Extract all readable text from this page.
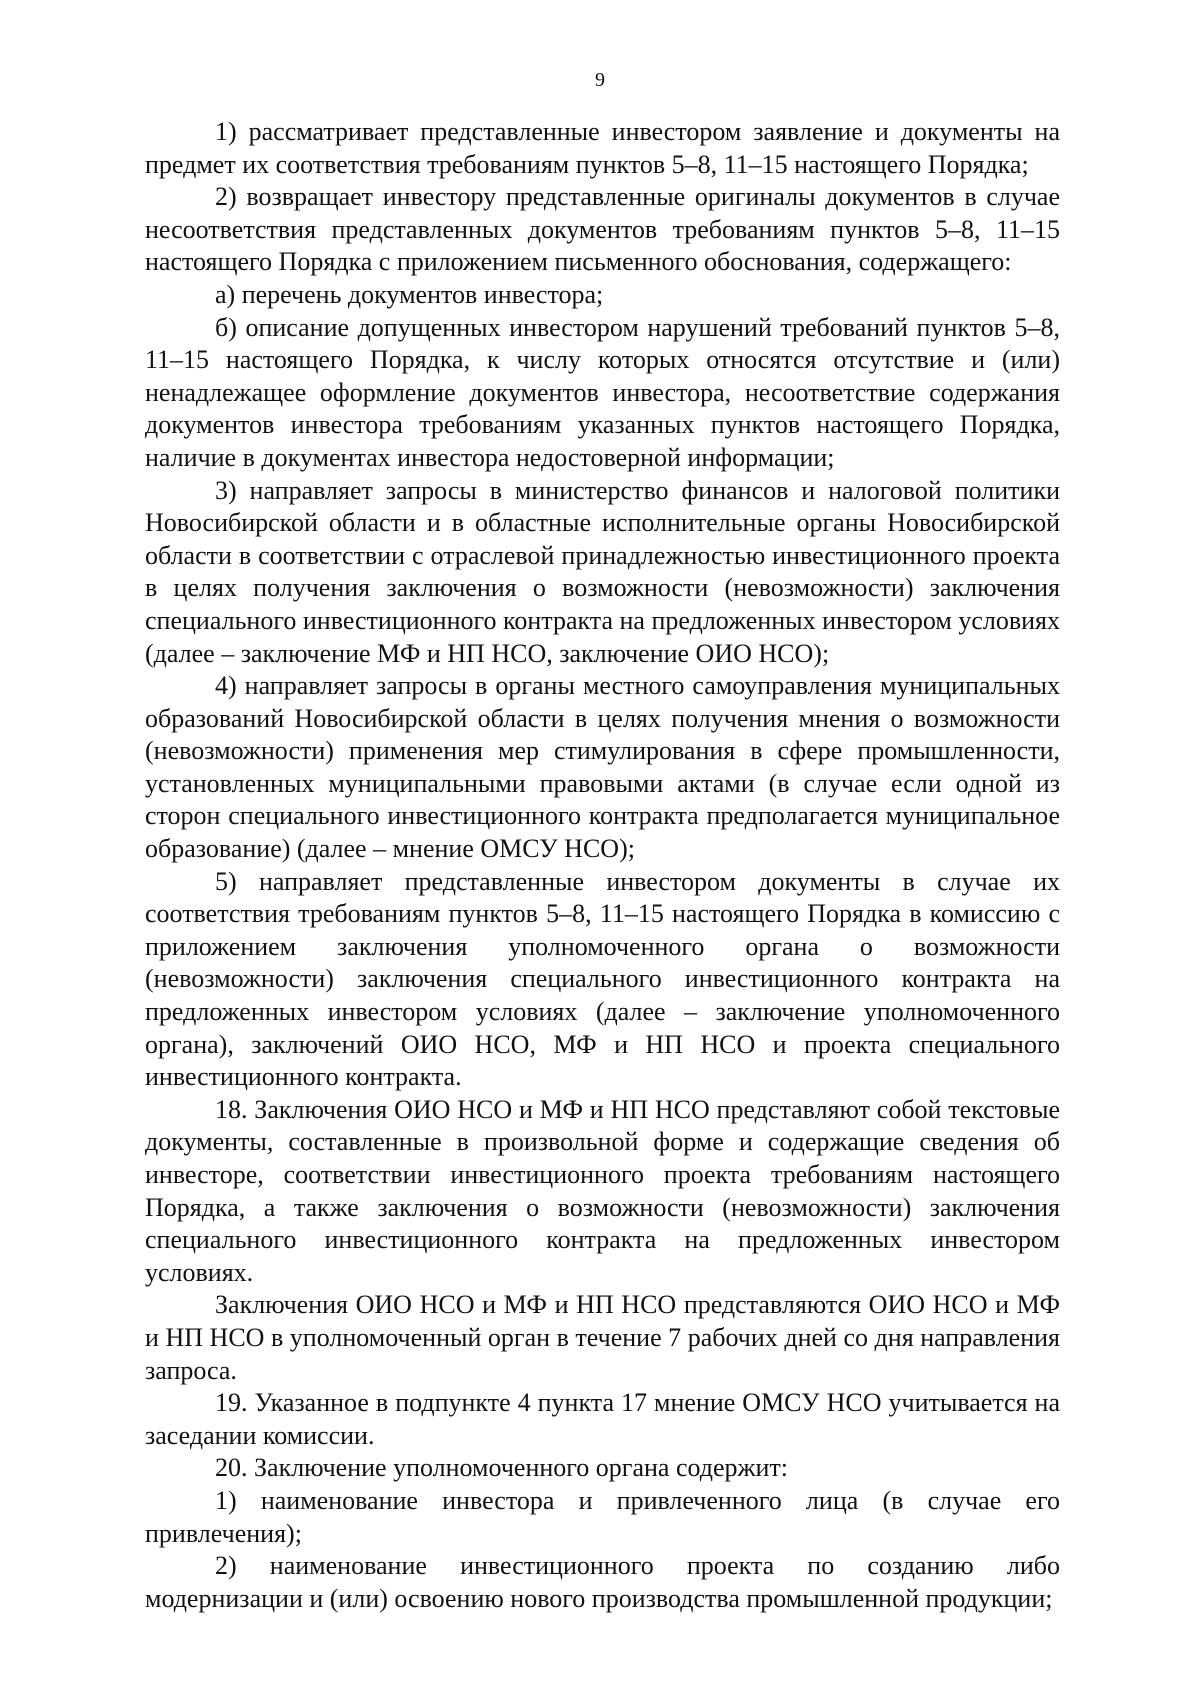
9

1) рассматривает представленные инвестором заявление и документы на предмет их соответствия требованиям пунктов 5–8, 11–15 настоящего Порядка;

2) возвращает инвестору представленные оригиналы документов в случае несоответствия представленных документов требованиям пунктов 5–8, 11–15 настоящего Порядка с приложением письменного обоснования, содержащего:

а) перечень документов инвестора;

б) описание допущенных инвестором нарушений требований пунктов 5–8, 11–15 настоящего Порядка, к числу которых относятся отсутствие и (или) ненадлежащее оформление документов инвестора, несоответствие содержания документов инвестора требованиям указанных пунктов настоящего Порядка, наличие в документах инвестора недостоверной информации;

3) направляет запросы в министерство финансов и налоговой политики Новосибирской области и в областные исполнительные органы Новосибирской области в соответствии с отраслевой принадлежностью инвестиционного проекта в целях получения заключения о возможности (невозможности) заключения специального инвестиционного контракта на предложенных инвестором условиях (далее – заключение МФ и НП НСО, заключение ОИО НСО);

4) направляет запросы в органы местного самоуправления муниципальных образований Новосибирской области в целях получения мнения о возможности (невозможности) применения мер стимулирования в сфере промышленности, установленных муниципальными правовыми актами (в случае если одной из сторон специального инвестиционного контракта предполагается муниципальное образование) (далее – мнение ОМСУ НСО);

5) направляет представленные инвестором документы в случае их соответствия требованиям пунктов 5–8, 11–15 настоящего Порядка в комиссию с приложением заключения уполномоченного органа о возможности (невозможности) заключения специального инвестиционного контракта на предложенных инвестором условиях (далее – заключение уполномоченного органа), заключений ОИО НСО, МФ и НП НСО и проекта специального инвестиционного контракта.

18. Заключения ОИО НСО и МФ и НП НСО представляют собой текстовые документы, составленные в произвольной форме и содержащие сведения об инвесторе, соответствии инвестиционного проекта требованиям настоящего Порядка, а также заключения о возможности (невозможности) заключения специального инвестиционного контракта на предложенных инвестором условиях.

Заключения ОИО НСО и МФ и НП НСО представляются ОИО НСО и МФ и НП НСО в уполномоченный орган в течение 7 рабочих дней со дня направления запроса.

19. Указанное в подпункте 4 пункта 17 мнение ОМСУ НСО учитывается на заседании комиссии.

20. Заключение уполномоченного органа содержит:

1) наименование инвестора и привлеченного лица (в случае его привлечения);

2) наименование инвестиционного проекта по созданию либо модернизации и (или) освоению нового производства промышленной продукции;
